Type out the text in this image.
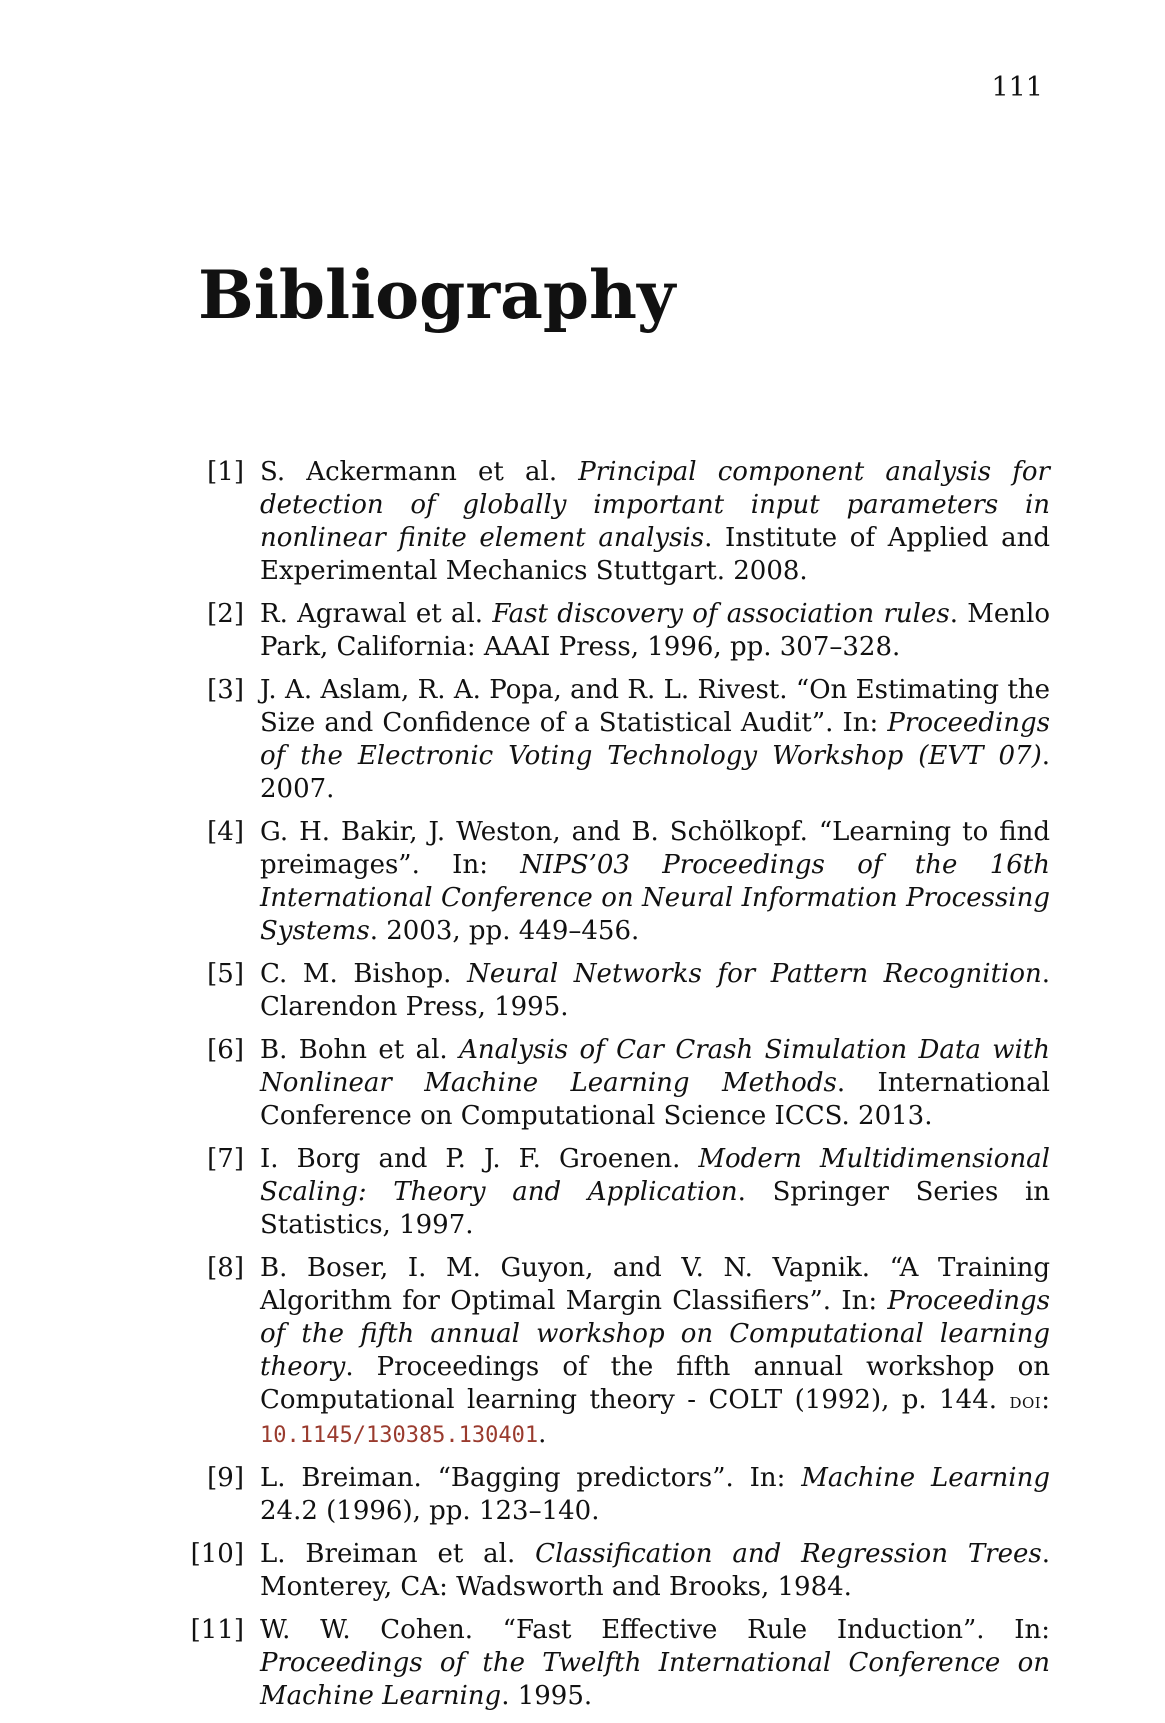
111
Bibliography
[1] S. Ackermann et al. Principal component analysis for detection of globally important input parameters in nonlinear finite element analysis. Institute of Applied and Experimental Mechanics Stuttgart. 2008.
[2] R. Agrawal et al. Fast discovery of association rules. Menlo Park, California: AAAI Press, 1996, pp. 307–328.
[3] J. A. Aslam, R. A. Popa, and R. L. Rivest. “On Estimating the Size and Confidence of a Statistical Audit”. In: Proceedings of the Electronic Voting Technology Workshop (EVT 07). 2007.
[4] G. H. Bakir, J. Weston, and B. Schölkopf. “Learning to find preimages”. In: NIPS’03 Proceedings of the 16th International Conference on Neural Information Processing Systems. 2003, pp. 449–456.
[5] C. M. Bishop. Neural Networks for Pattern Recognition. Clarendon Press, 1995.
[6] B. Bohn et al. Analysis of Car Crash Simulation Data with Nonlinear Machine Learning Methods. International Conference on Computational Science ICCS. 2013.
[7] I. Borg and P. J. F. Groenen. Modern Multidimensional Scaling: Theory and Application. Springer Series in Statistics, 1997.
[8] B. Boser, I. M. Guyon, and V. N. Vapnik. “A Training Algorithm for Optimal Margin Classifiers”. In: Proceedings of the fifth annual workshop on Computational learning theory. Proceedings of the fifth annual workshop on Computational learning theory - COLT (1992), p. 144. doi: 10.1145/130385.130401.
[9] L. Breiman. “Bagging predictors”. In: Machine Learning 24.2 (1996), pp. 123–140.
[10] L. Breiman et al. Classification and Regression Trees. Monterey, CA: Wadsworth and Brooks, 1984.
[11] W. W. Cohen. “Fast Effective Rule Induction”. In: Proceedings of the Twelfth International Conference on Machine Learning. 1995.
